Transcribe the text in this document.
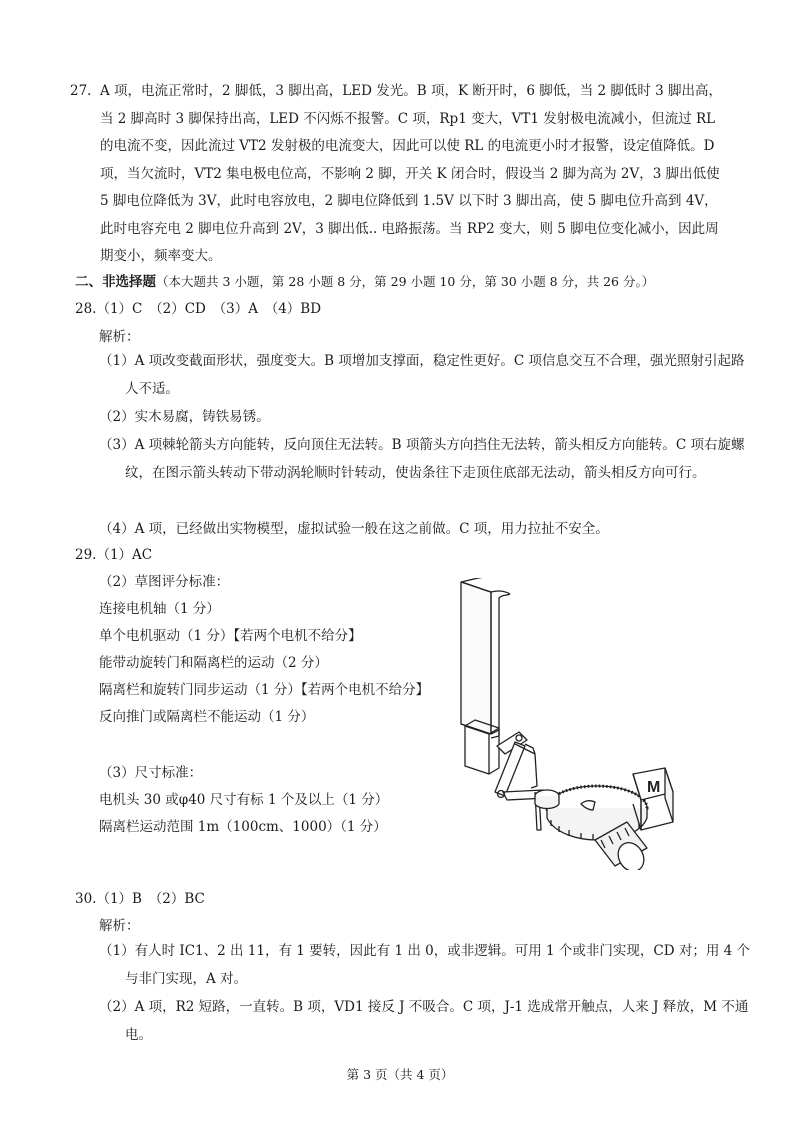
27. A 项，电流正常时，2 脚低，3 脚出高，LED 发光。B 项，K 断开时，6 脚低，当 2 脚低时 3 脚出高，当 2 脚高时 3 脚保持出高，LED 不闪烁不报警。C 项，Rp1 变大，VT1 发射极电流减小，但流过 RL 的电流不变，因此流过 VT2 发射极的电流变大，因此可以使 RL 的电流更小时才报警，设定值降低。D 项，当欠流时，VT2 集电极电位高，不影响 2 脚，开关 K 闭合时，假设当 2 脚为高为 2V，3 脚出低使 5 脚电位降低为 3V，此时电容放电，2 脚电位降低到 1.5V 以下时 3 脚出高，使 5 脚电位升高到 4V，此时电容充电 2 脚电位升高到 2V，3 脚出低.. 电路振荡。当 RP2 变大，则 5 脚电位变化减小，因此周期变小，频率变大。

二、非选择题（本大题共 3 小题，第 28 小题 8 分，第 29 小题 10 分，第 30 小题 8 分，共 26 分。）
28.（1）C　（2）CD　（3）A　（4）BD
解析：

（1）A 项改变截面形状，强度变大。B 项增加支撑面，稳定性更好。C 项信息交互不合理，强光照射引起路人不适。

（2）实木易腐，铸铁易锈。

（3）A 项棘轮箭头方向能转，反向顶住无法转。B 项箭头方向挡住无法转，箭头相反方向能转。C 项右旋螺纹，在图示箭头转动下带动涡轮顺时针转动，使齿条往下走顶住底部无法动，箭头相反方向可行。

（4）A 项，已经做出实物模型，虚拟试验一般在这之前做。C 项，用力拉扯不安全。

29.（1）AC
（2）草图评分标准：
连接电机轴（1 分）
单个电机驱动（1 分）【若两个电机不给分】
能带动旋转门和隔离栏的运动（2 分）
隔离栏和旋转门同步运动（1 分）【若两个电机不给分】
反向推门或隔离栏不能运动（1 分）
（3）尺寸标准：
电机头 30 或φ40 尺寸有标 1 个及以上（1 分）
隔离栏运动范围 1m（100cm、1000）（1 分）
M
30.（1）B　（2）BC
解析：

（1）有人时 IC1、2 出 11，有 1 要转，因此有 1 出 0，或非逻辑。可用 1 个或非门实现，CD 对；用 4 个与非门实现，A 对。

（2）A 项，R2 短路，一直转。B 项，VD1 接反 J 不吸合。C 项，J-1 选成常开触点，人来 J 释放，M 不通电。

第 3 页（共 4 页）
